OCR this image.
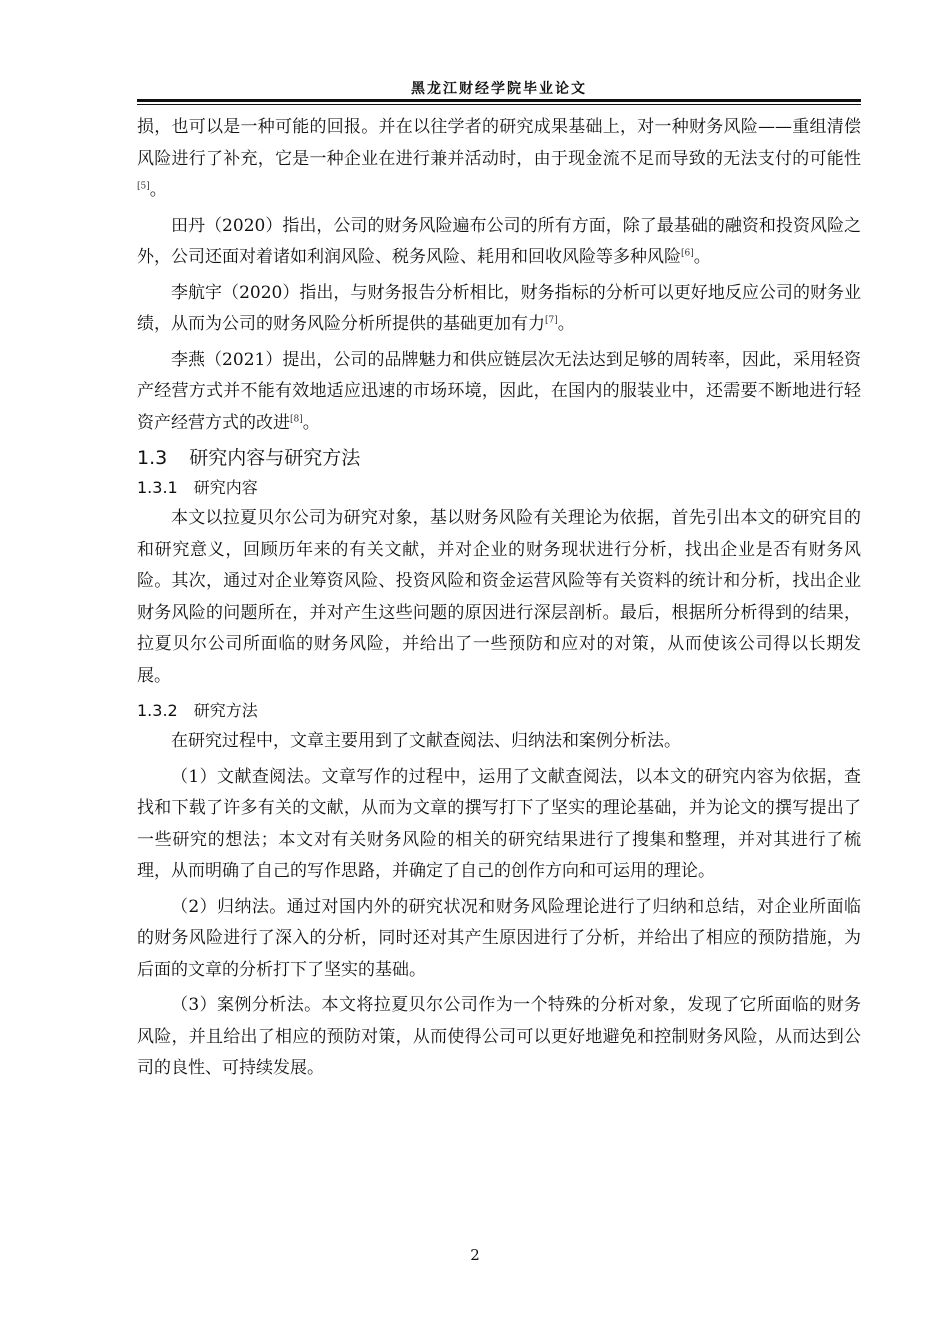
黑龙江财经学院毕业论文

损，也可以是一种可能的回报。并在以往学者的研究成果基础上，对一种财务风险——重组清偿风险进行了补充，它是一种企业在进行兼并活动时，由于现金流不足而导致的无法支付的可能性[5]。

田丹（2020）指出，公司的财务风险遍布公司的所有方面，除了最基础的融资和投资风险之外，公司还面对着诸如利润风险、税务风险、耗用和回收风险等多种风险[6]。

李航宇（2020）指出，与财务报告分析相比，财务指标的分析可以更好地反应公司的财务业绩，从而为公司的财务风险分析所提供的基础更加有力[7]。

李燕（2021）提出，公司的品牌魅力和供应链层次无法达到足够的周转率，因此，采用轻资产经营方式并不能有效地适应迅速的市场环境，因此，在国内的服装业中，还需要不断地进行轻资产经营方式的改进[8]。

1.3 研究内容与研究方法
1.3.1 研究内容

本文以拉夏贝尔公司为研究对象，基以财务风险有关理论为依据，首先引出本文的研究目的和研究意义，回顾历年来的有关文献，并对企业的财务现状进行分析，找出企业是否有财务风险。其次，通过对企业筹资风险、投资风险和资金运营风险等有关资料的统计和分析，找出企业财务风险的问题所在，并对产生这些问题的原因进行深层剖析。最后，根据所分析得到的结果，拉夏贝尔公司所面临的财务风险，并给出了一些预防和应对的对策，从而使该公司得以长期发展。

1.3.2 研究方法

在研究过程中，文章主要用到了文献查阅法、归纳法和案例分析法。

（1）文献查阅法。文章写作的过程中，运用了文献查阅法，以本文的研究内容为依据，查找和下载了许多有关的文献，从而为文章的撰写打下了坚实的理论基础，并为论文的撰写提出了一些研究的想法；本文对有关财务风险的相关的研究结果进行了搜集和整理，并对其进行了梳理，从而明确了自己的写作思路，并确定了自己的创作方向和可运用的理论。

（2）归纳法。通过对国内外的研究状况和财务风险理论进行了归纳和总结，对企业所面临的财务风险进行了深入的分析，同时还对其产生原因进行了分析，并给出了相应的预防措施，为后面的文章的分析打下了坚实的基础。

（3）案例分析法。本文将拉夏贝尔公司作为一个特殊的分析对象，发现了它所面临的财务风险，并且给出了相应的预防对策，从而使得公司可以更好地避免和控制财务风险，从而达到公司的良性、可持续发展。

2
